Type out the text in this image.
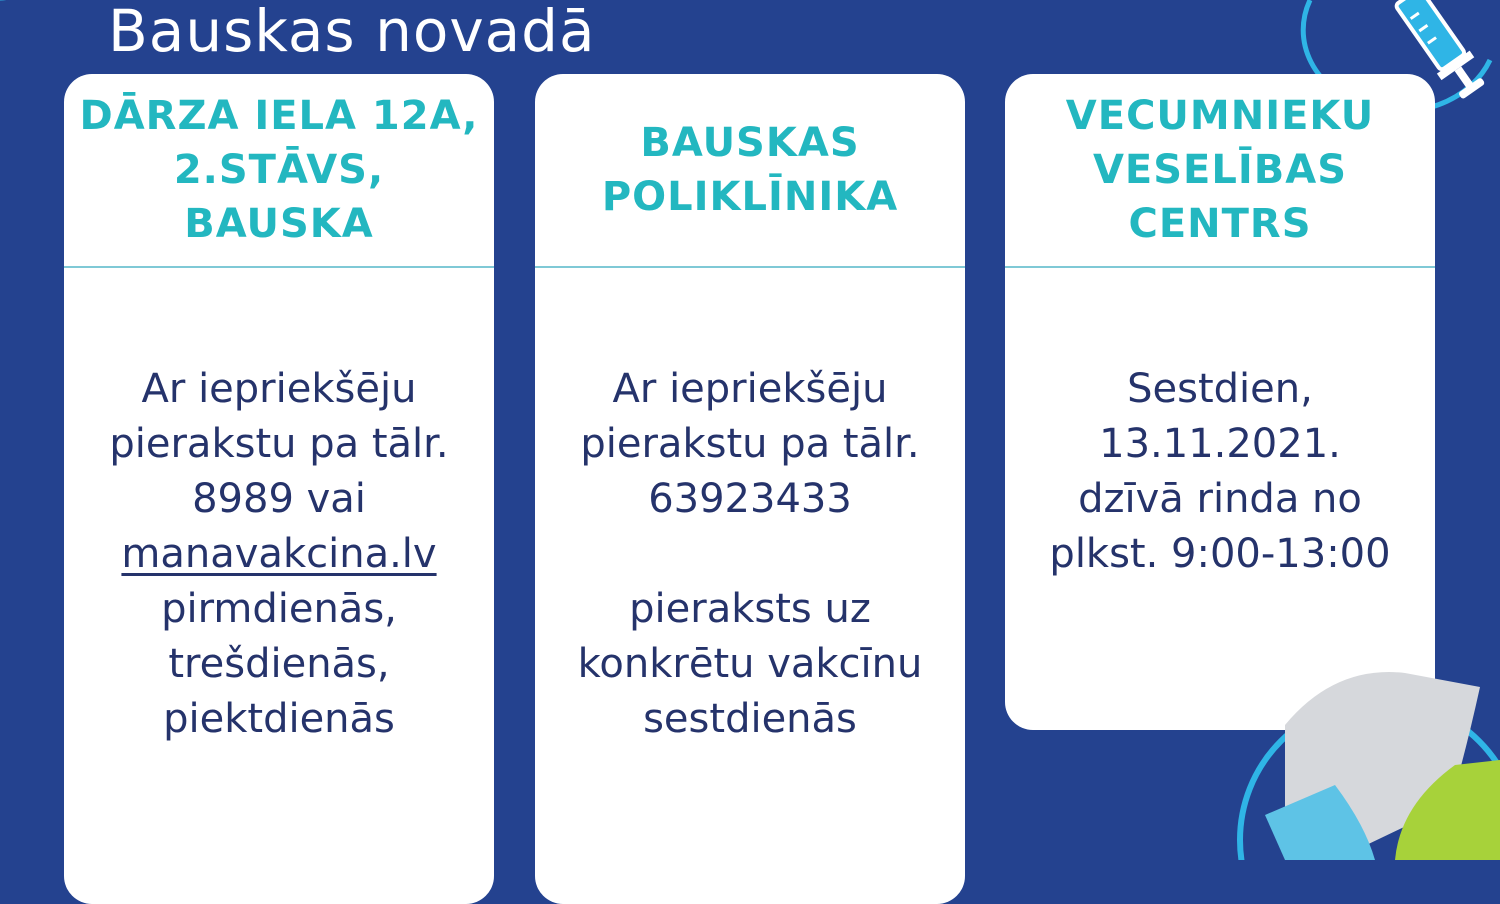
Bauskas novadā
DĀRZA IELA 12A,
2.STĀVS,
BAUSKA
Ar iepriekšēju
pierakstu pa tālr.
8989 vai
manavakcina.lv
pirmdienās,
trešdienās,
piektdienās
BAUSKAS
POLIKLĪNIKA
Ar iepriekšēju
pierakstu pa tālr.
63923433
pieraksts uz
konkrētu vakcīnu
sestdienās
VECUMNIEKU
VESELĪBAS
CENTRS
Sestdien,
13.11.2021.
dzīvā rinda no
plkst. 9:00-13:00
